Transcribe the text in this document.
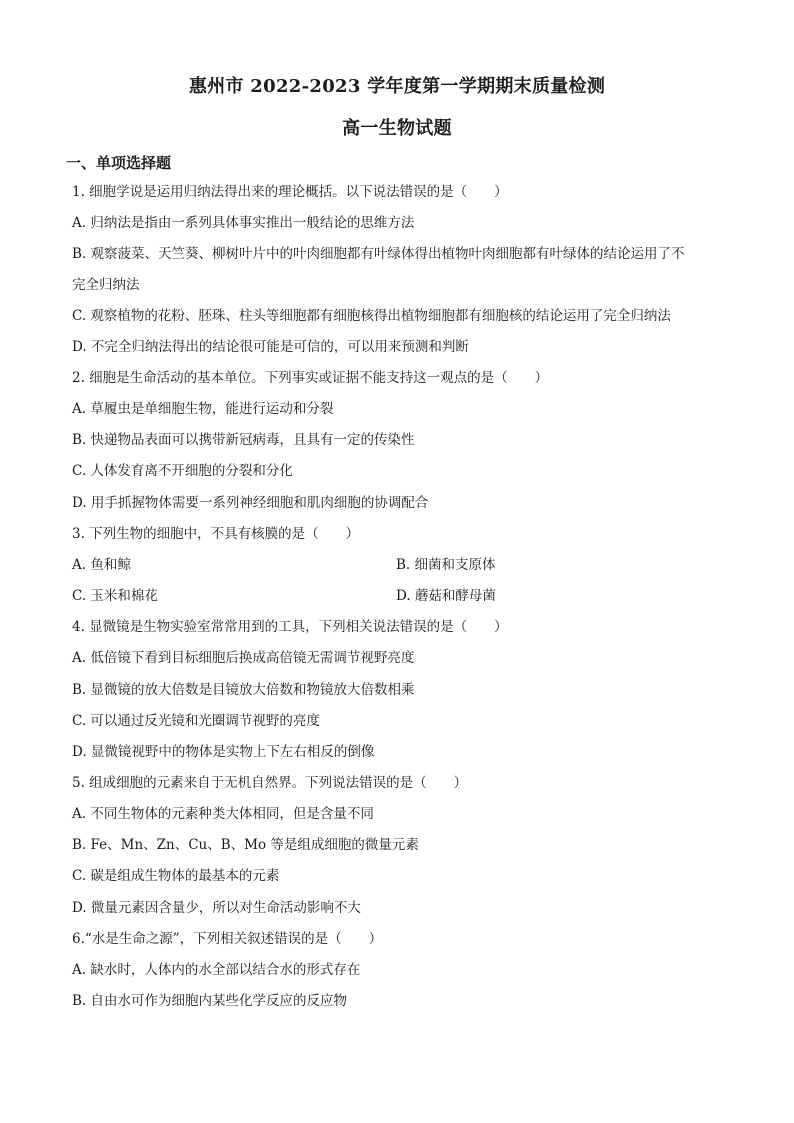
惠州市 2022-2023 学年度第一学期期末质量检测
高一生物试题
一、单项选择题
1. 细胞学说是运用归纳法得出来的理论概括。以下说法错误的是（　　）
A. 归纳法是指由一系列具体事实推出一般结论的思维方法
B. 观察菠菜、天竺葵、柳树叶片中的叶肉细胞都有叶绿体得出植物叶肉细胞都有叶绿体的结论运用了不
完全归纳法
C. 观察植物的花粉、胚珠、柱头等细胞都有细胞核得出植物细胞都有细胞核的结论运用了完全归纳法
D. 不完全归纳法得出的结论很可能是可信的，可以用来预测和判断
2. 细胞是生命活动的基本单位。下列事实或证据不能支持这一观点的是（　　）
A. 草履虫是单细胞生物，能进行运动和分裂
B. 快递物品表面可以携带新冠病毒，且具有一定的传染性
C. 人体发育离不开细胞的分裂和分化
D. 用手抓握物体需要一系列神经细胞和肌肉细胞的协调配合
3. 下列生物的细胞中，不具有核膜的是（　　）
A. 鱼和鲸	B. 细菌和支原体
C. 玉米和棉花	D. 蘑菇和酵母菌
4. 显微镜是生物实验室常常用到的工具，下列相关说法错误的是（　　）
A. 低倍镜下看到目标细胞后换成高倍镜无需调节视野亮度
B. 显微镜的放大倍数是目镜放大倍数和物镜放大倍数相乘
C. 可以通过反光镜和光圈调节视野的亮度
D. 显微镜视野中的物体是实物上下左右相反的倒像
5. 组成细胞的元素来自于无机自然界。下列说法错误的是（　　）
A. 不同生物体的元素种类大体相同，但是含量不同
B. Fe、Mn、Zn、Cu、B、Mo 等是组成细胞的微量元素
C. 碳是组成生物体的最基本的元素
D. 微量元素因含量少，所以对生命活动影响不大
6.“水是生命之源”，下列相关叙述错误的是（　　）
A. 缺水时，人体内的水全部以结合水的形式存在
B. 自由水可作为细胞内某些化学反应的反应物
